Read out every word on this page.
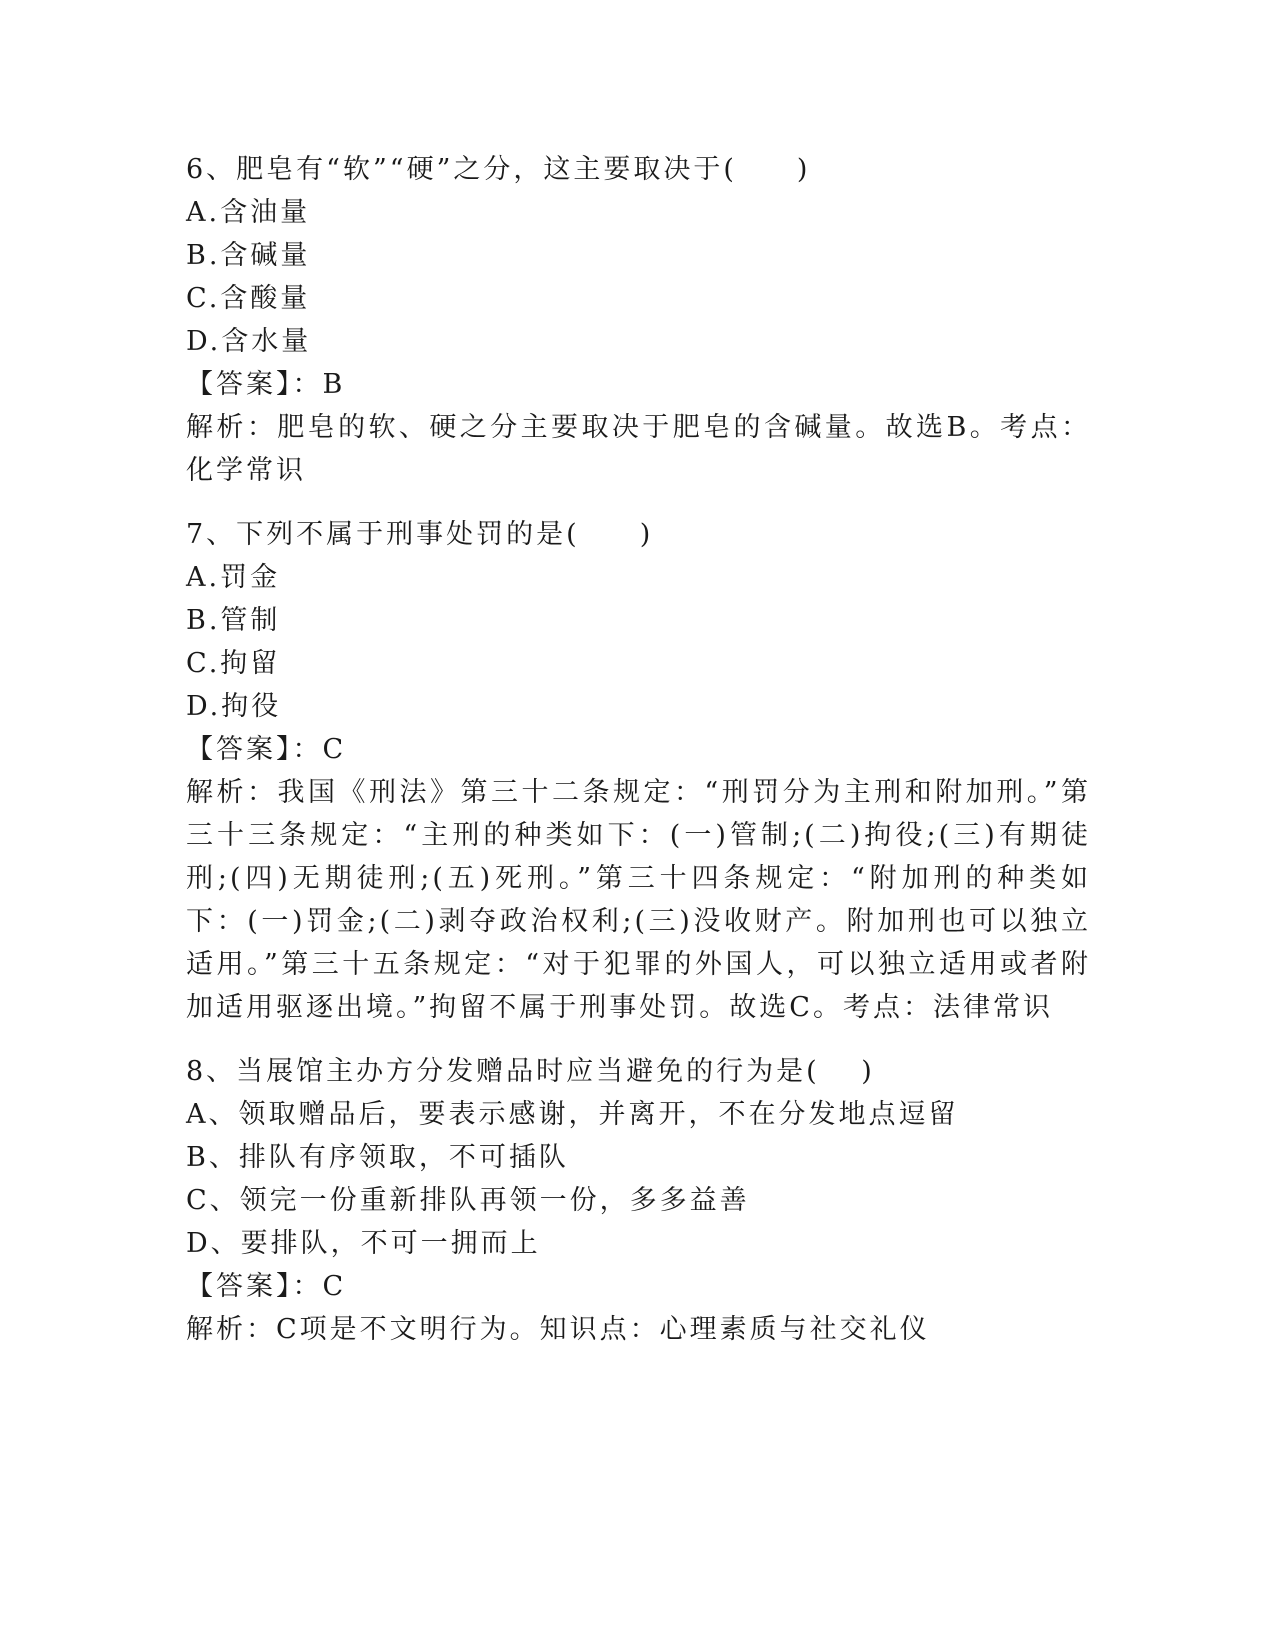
6、肥皂有“软”“硬”之分，这主要取决于(　　)
A.含油量
B.含碱量
C.含酸量
D.含水量
【答案】：B
解析：肥皂的软、硬之分主要取决于肥皂的含碱量。故选B。考点：化学常识
7、下列不属于刑事处罚的是(　　)
A.罚金
B.管制
C.拘留
D.拘役
【答案】：C
解析：我国《刑法》第三十二条规定：“刑罚分为主刑和附加刑。”第三十三条规定：“主刑的种类如下：(一)管制;(二)拘役;(三)有期徒刑;(四)无期徒刑;(五)死刑。”第三十四条规定：“附加刑的种类如下：(一)罚金;(二)剥夺政治权利;(三)没收财产。附加刑也可以独立适用。”第三十五条规定：“对于犯罪的外国人，可以独立适用或者附加适用驱逐出境。”拘留不属于刑事处罚。故选C。考点：法律常识
8、当展馆主办方分发赠品时应当避免的行为是(　 )
A、领取赠品后，要表示感谢，并离开，不在分发地点逗留
B、排队有序领取，不可插队
C、领完一份重新排队再领一份，多多益善
D、要排队，不可一拥而上
【答案】：C
解析：C项是不文明行为。知识点：心理素质与社交礼仪
